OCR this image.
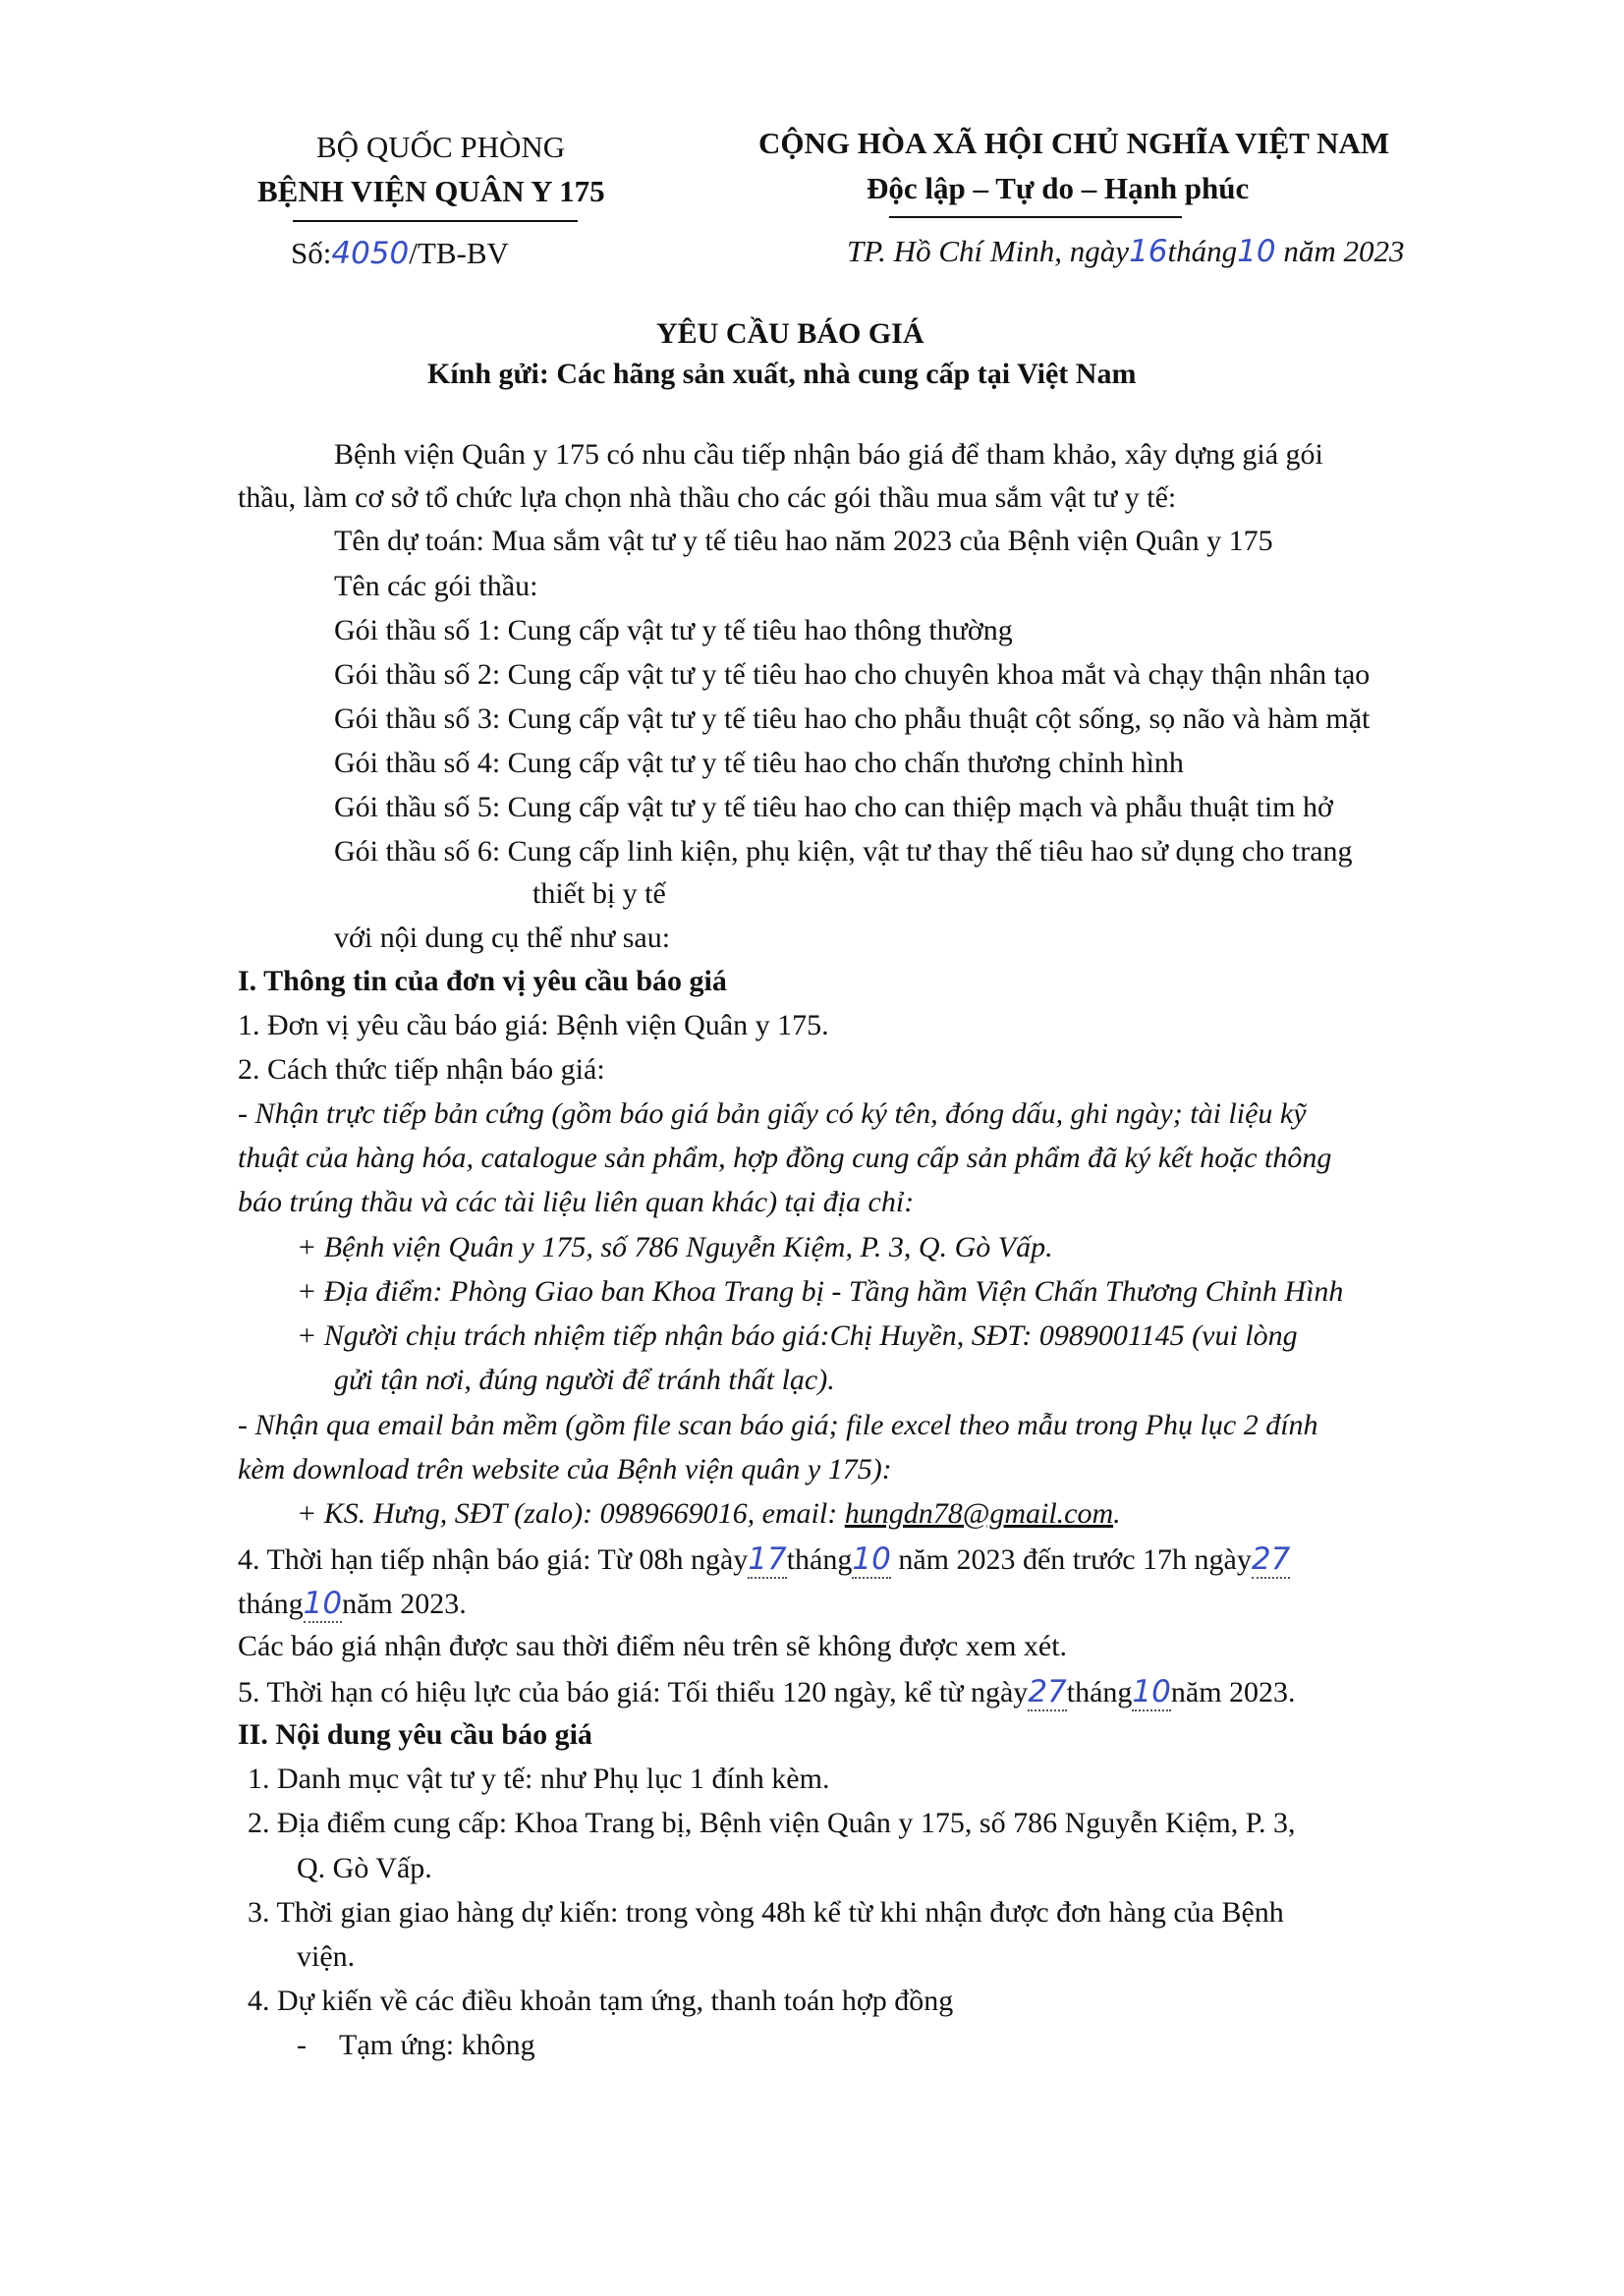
BỘ QUỐC PHÒNG
BỆNH VIỆN QUÂN Y 175
Số:4050/TB-BV
CỘNG HÒA XÃ HỘI CHỦ NGHĨA VIỆT NAM
Độc lập – Tự do – Hạnh phúc
TP. Hồ Chí Minh, ngày16tháng10 năm 2023
YÊU CẦU BÁO GIÁ
Kính gửi: Các hãng sản xuất, nhà cung cấp tại Việt Nam
Bệnh viện Quân y 175 có nhu cầu tiếp nhận báo giá để tham khảo, xây dựng giá gói
thầu, làm cơ sở tổ chức lựa chọn nhà thầu cho các gói thầu mua sắm vật tư y tế:
Tên dự toán: Mua sắm vật tư y tế tiêu hao năm 2023 của Bệnh viện Quân y 175
Tên các gói thầu:
Gói thầu số 1: Cung cấp vật tư y tế tiêu hao thông thường
Gói thầu số 2: Cung cấp vật tư y tế tiêu hao cho chuyên khoa mắt và chạy thận nhân tạo
Gói thầu số 3: Cung cấp vật tư y tế tiêu hao cho phẫu thuật cột sống, sọ não và hàm mặt
Gói thầu số 4: Cung cấp vật tư y tế tiêu hao cho chấn thương chỉnh hình
Gói thầu số 5: Cung cấp vật tư y tế tiêu hao cho can thiệp mạch và phẫu thuật tim hở
Gói thầu số 6: Cung cấp linh kiện, phụ kiện, vật tư thay thế tiêu hao sử dụng cho trang
thiết bị y tế
với nội dung cụ thể như sau:
I. Thông tin của đơn vị yêu cầu báo giá
1. Đơn vị yêu cầu báo giá: Bệnh viện Quân y 175.
2. Cách thức tiếp nhận báo giá:
- Nhận trực tiếp bản cứng (gồm báo giá bản giấy có ký tên, đóng dấu, ghi ngày; tài liệu kỹ
thuật của hàng hóa, catalogue sản phẩm, hợp đồng cung cấp sản phẩm đã ký kết hoặc thông
báo trúng thầu và các tài liệu liên quan khác) tại địa chỉ:
+ Bệnh viện Quân y 175, số 786 Nguyễn Kiệm, P. 3, Q. Gò Vấp.
+ Địa điểm: Phòng Giao ban Khoa Trang bị - Tầng hầm Viện Chấn Thương Chỉnh Hình
+ Người chịu trách nhiệm tiếp nhận báo giá:Chị Huyền, SĐT: 0989001145 (vui lòng
gửi tận nơi, đúng người để tránh thất lạc).
- Nhận qua email bản mềm (gồm file scan báo giá; file excel theo mẫu trong Phụ lục 2 đính
kèm download trên website của Bệnh viện quân y 175):
+ KS. Hưng, SĐT (zalo): 0989669016, email: hungdn78@gmail.com.
4. Thời hạn tiếp nhận báo giá: Từ 08h ngày17tháng10 năm 2023 đến trước 17h ngày27
tháng10năm 2023.
Các báo giá nhận được sau thời điểm nêu trên sẽ không được xem xét.
5. Thời hạn có hiệu lực của báo giá: Tối thiểu 120 ngày, kể từ ngày27tháng10năm 2023.
II. Nội dung yêu cầu báo giá
1. Danh mục vật tư y tế: như Phụ lục 1 đính kèm.
2. Địa điểm cung cấp: Khoa Trang bị, Bệnh viện Quân y 175, số 786 Nguyễn Kiệm, P. 3,
Q. Gò Vấp.
3. Thời gian giao hàng dự kiến: trong vòng 48h kể từ khi nhận được đơn hàng của Bệnh
viện.
4. Dự kiến về các điều khoản tạm ứng, thanh toán hợp đồng
- Tạm ứng: không
